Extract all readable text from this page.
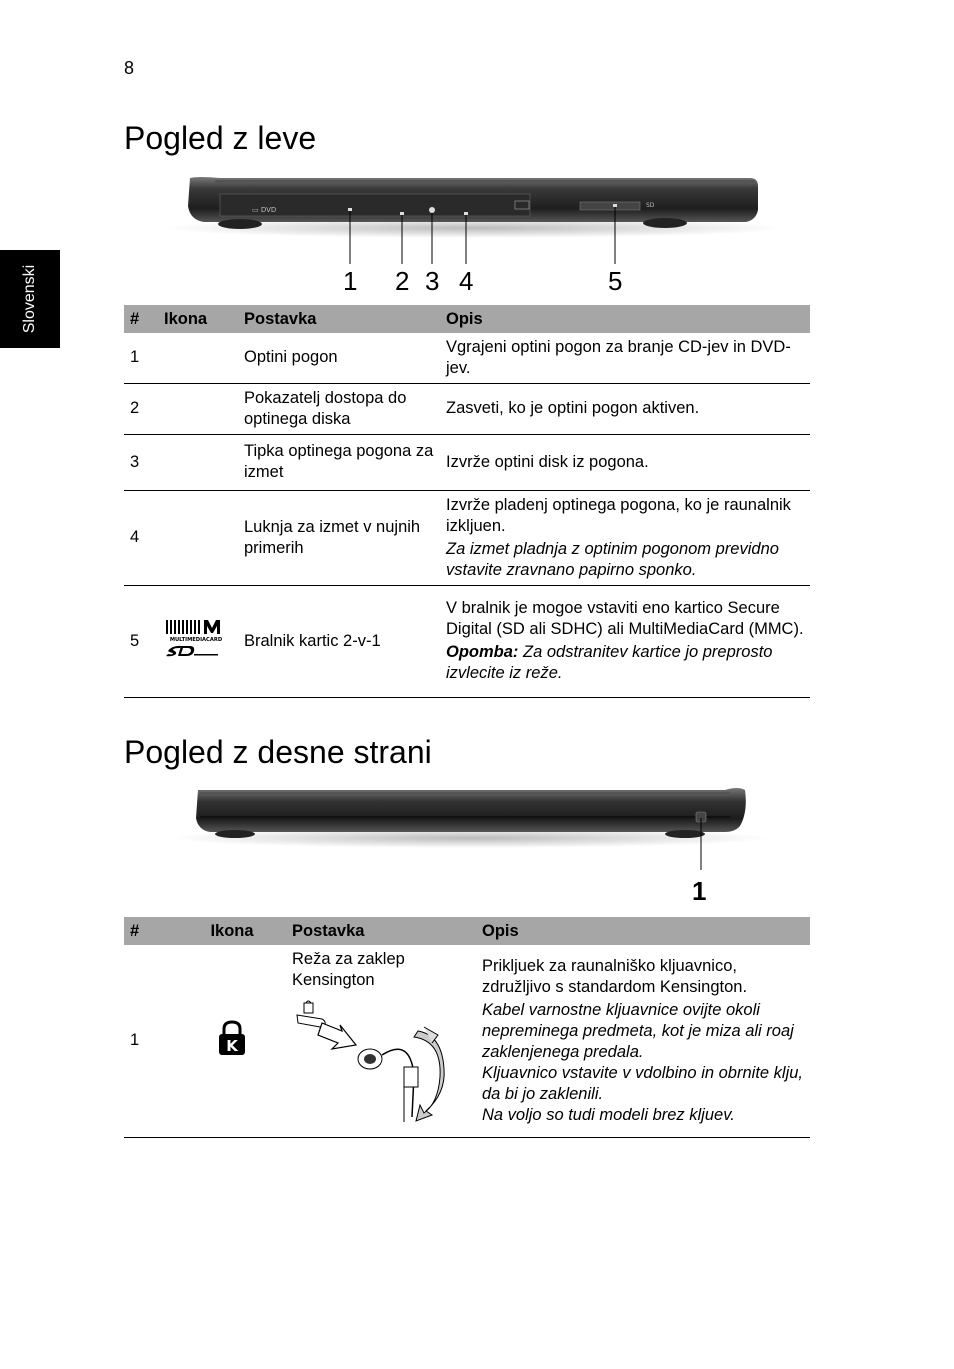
8
Slovenski
Pogled z leve
▭ DVD
SD
1 2 3 4	5
#	Ikona	Postavka	Opis
1		Optini pogon	Vgrajeni optini pogon za branje CD-jev in DVD-jev.
2		Pokazatelj dostopa do optinega diska	Zasveti, ko je optini pogon aktiven.
3		Tipka optinega pogona za izmet	Izvrže optini disk iz pogona.
4		Luknja za izmet v nujnih primerih	Izvrže pladenj optinega pogona, ko je raunalnik izkljuen.
Za izmet pladnja z optinim pogonom previdno vstavite zravnano papirno sponko.

5	MULTIMEDIACARD	Bralnik kartic 2-v-1	V bralnik je mogoe vstaviti eno kartico Secure Digital (SD ali SDHC) ali MultiMediaCard (MMC).
Opomba: Za odstranitev kartice jo preprosto izvlecite iz reže.
Pogled z desne strani
1
#	Ikona	Postavka	Opis
1	K	Reža za zaklep Kensington	Prikljuek za raunalniško kljuavnico, združljivo s standardom Kensington.
Kabel varnostne kljuavnice ovijte okoli nepreminega predmeta, kot je miza ali roaj zaklenjenega predala.
Kljuavnico vstavite v vdolbino in obrnite klju, da bi jo zaklenili.
Na voljo so tudi modeli brez kljuev.
